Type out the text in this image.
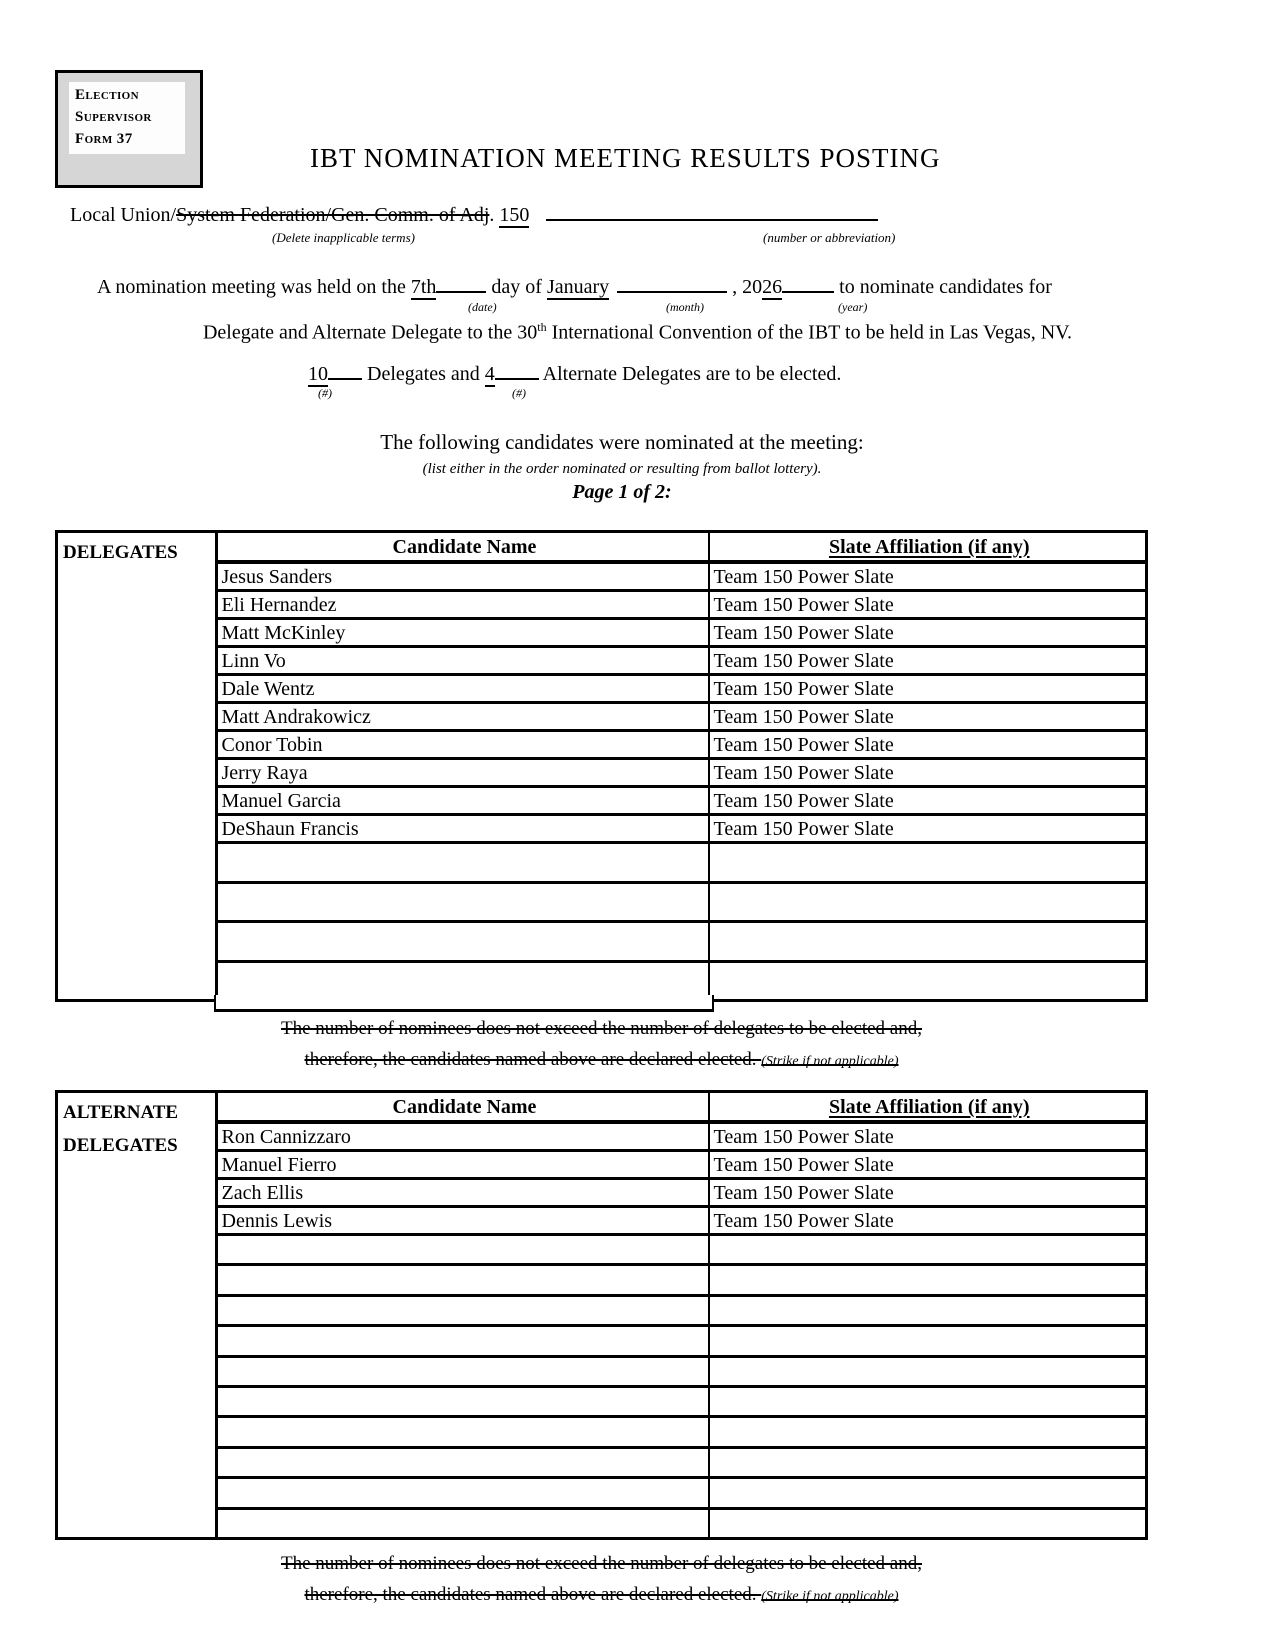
Election
Supervisor
Form 37
IBT NOMINATION MEETING RESULTS POSTING
Local Union/System Federation/Gen. Comm. of Adj. 150
(Delete inapplicable terms)	(number or abbreviation)
A nomination meeting was held on the 7th	day of January	, 2026	to nominate candidates for
(date)	(month)	(year)
Delegate and Alternate Delegate to the 30th International Convention of the IBT to be held in Las Vegas, NV.
10 Delegates and 4 Alternate Delegates are to be elected.
(#)	(#)
The following candidates were nominated at the meeting:
(list either in the order nominated or resulting from ballot lottery).
Page 1 of 2:
DELEGATES	Candidate Name	Slate Affiliation (if any)
Jesus Sanders	Team 150 Power Slate
Eli Hernandez	Team 150 Power Slate
Matt McKinley	Team 150 Power Slate
Linn Vo	Team 150 Power Slate
Dale Wentz	Team 150 Power Slate
Matt Andrakowicz	Team 150 Power Slate
Conor Tobin	Team 150 Power Slate
Jerry Raya	Team 150 Power Slate
Manuel Garcia	Team 150 Power Slate
DeShaun Francis	Team 150 Power Slate
The number of nominees does not exceed the number of delegates to be elected and,
therefore, the candidates named above are declared elected. (Strike if not applicable)
ALTERNATE
DELEGATES
Candidate Name	Slate Affiliation (if any)
Ron Cannizzaro	Team 150 Power Slate
Manuel Fierro	Team 150 Power Slate
Zach Ellis	Team 150 Power Slate
Dennis Lewis	Team 150 Power Slate
The number of nominees does not exceed the number of delegates to be elected and,
therefore, the candidates named above are declared elected. (Strike if not applicable)
